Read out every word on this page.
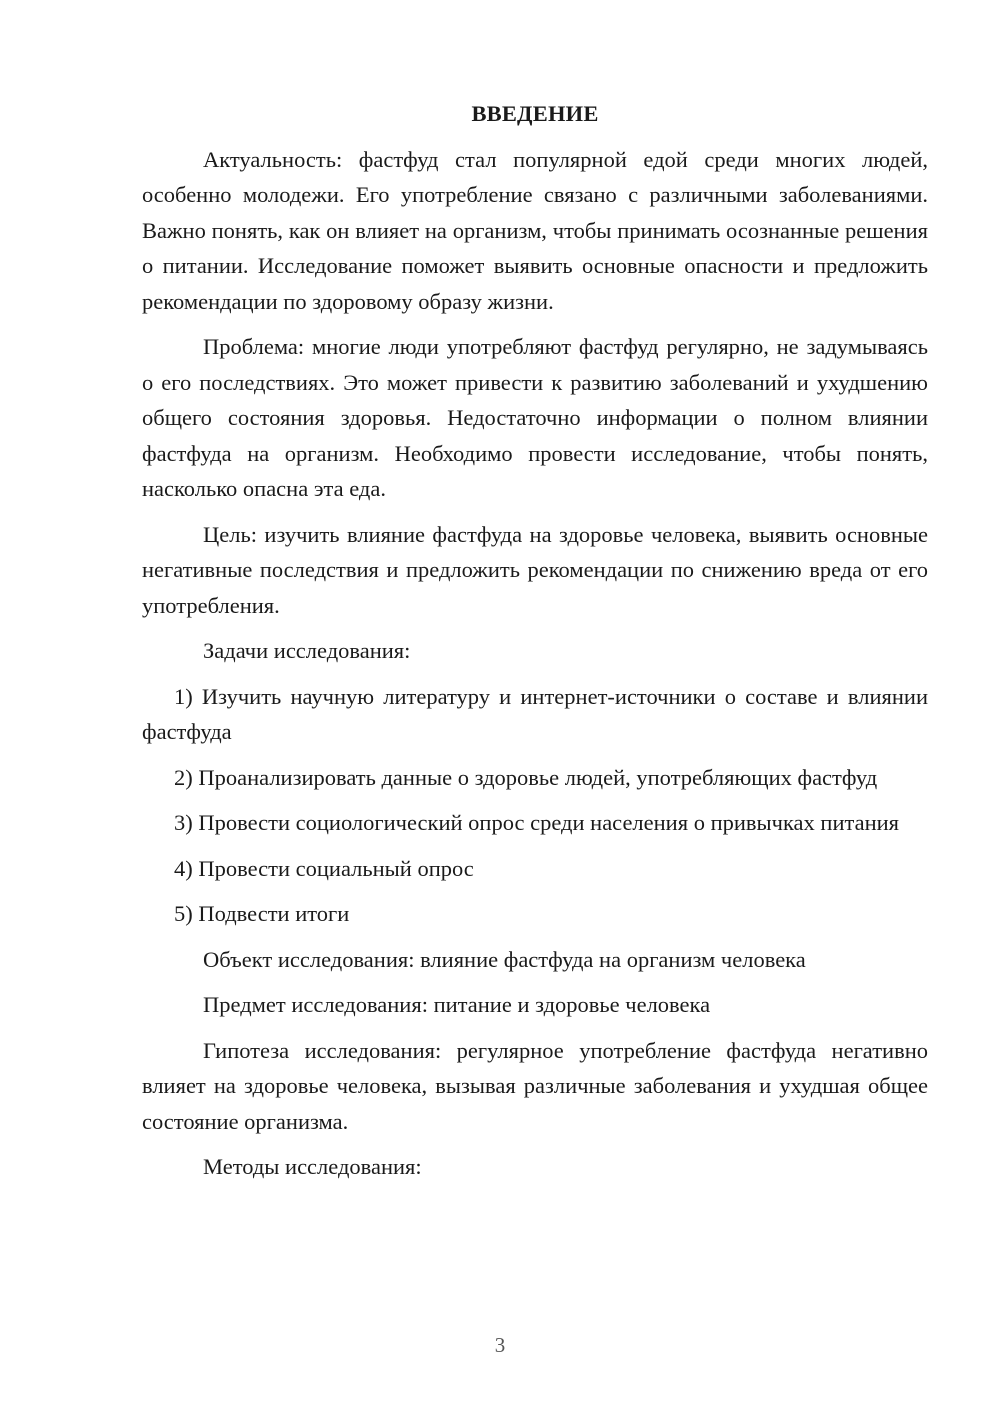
ВВЕДЕНИЕ

Актуальность: фастфуд стал популярной едой среди многих людей, особенно молодежи. Его употребление связано с различными заболеваниями. Важно понять, как он влияет на организм, чтобы принимать осознанные решения о питании. Исследование поможет выявить основные опасности и предложить рекомендации по здоровому образу жизни.

Проблема: многие люди употребляют фастфуд регулярно, не задумываясь о его последствиях. Это может привести к развитию заболеваний и ухудшению общего состояния здоровья. Недостаточно информации о полном влиянии фастфуда на организм. Необходимо провести исследование, чтобы понять, насколько опасна эта еда.

Цель: изучить влияние фастфуда на здоровье человека, выявить основные негативные последствия и предложить рекомендации по снижению вреда от его употребления.

Задачи исследования:

1) Изучить научную литературу и интернет-источники о составе и влиянии фастфуда

2) Проанализировать данные о здоровье людей, употребляющих фастфуд

3) Провести социологический опрос среди населения о привычках питания

4) Провести социальный опрос

5) Подвести итоги

Объект исследования: влияние фастфуда на организм человека

Предмет исследования: питание и здоровье человека

Гипотеза исследования: регулярное употребление фастфуда негативно влияет на здоровье человека, вызывая различные заболевания и ухудшая общее состояние организма.

Методы исследования:

3
